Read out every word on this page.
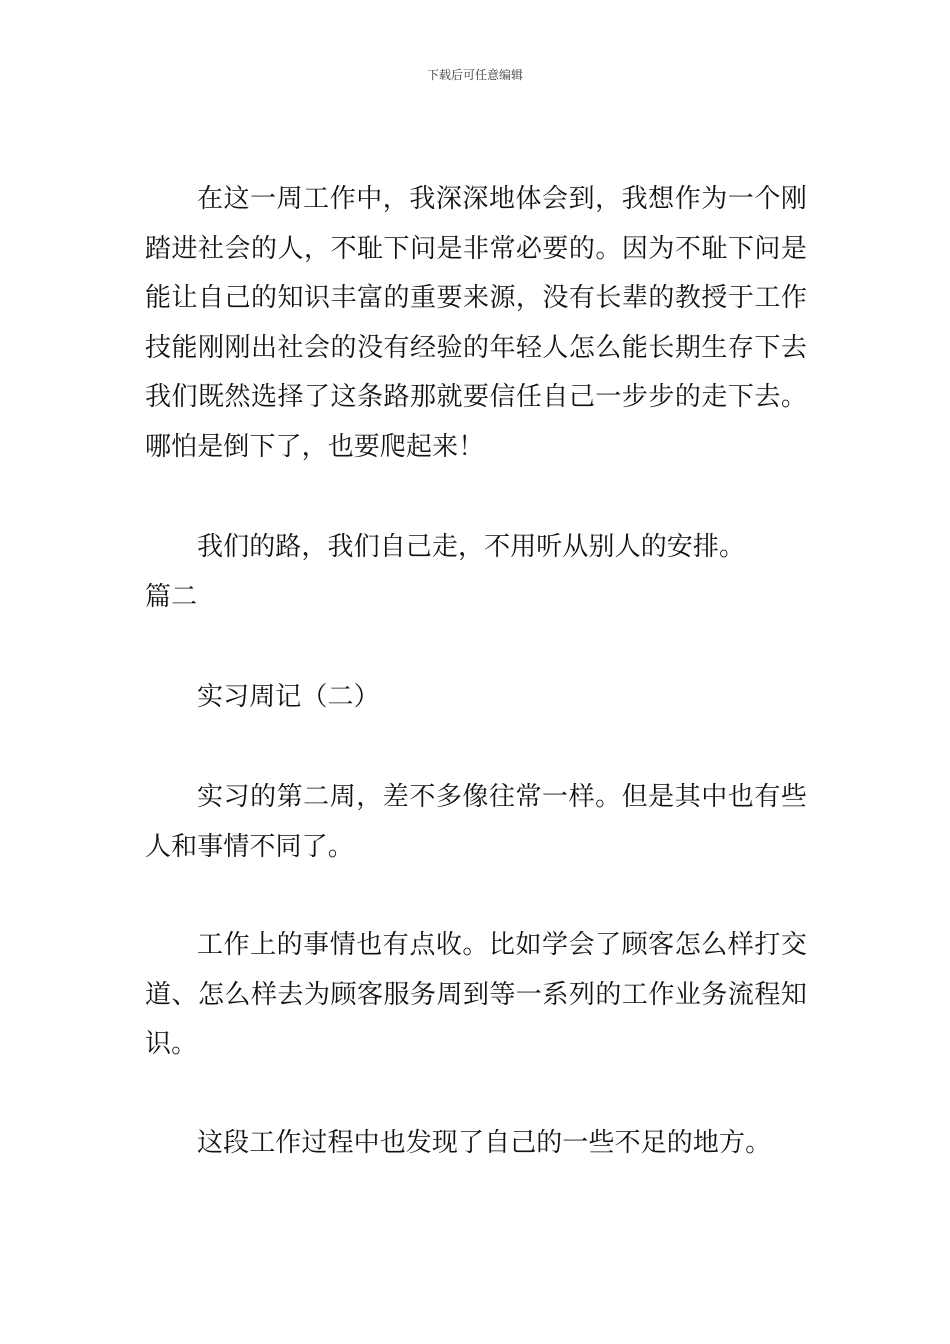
下载后可任意编辑

在这一周工作中，我深深地体会到，我想作为一个刚踏进社会的人，不耻下问是非常必要的。因为不耻下问是能让自己的知识丰富的重要来源，没有长辈的教授于工作技能刚刚出社会的没有经验的年轻人怎么能长期生存下去我们既然选择了这条路那就要信任自己一步步的走下去。哪怕是倒下了，也要爬起来！

我们的路，我们自己走，不用听从别人的安排。

篇二

实习周记（二）

实习的第二周，差不多像往常一样。但是其中也有些人和事情不同了。

工作上的事情也有点收。比如学会了顾客怎么样打交道、怎么样去为顾客服务周到等一系列的工作业务流程知识。

这段工作过程中也发现了自己的一些不足的地方。
